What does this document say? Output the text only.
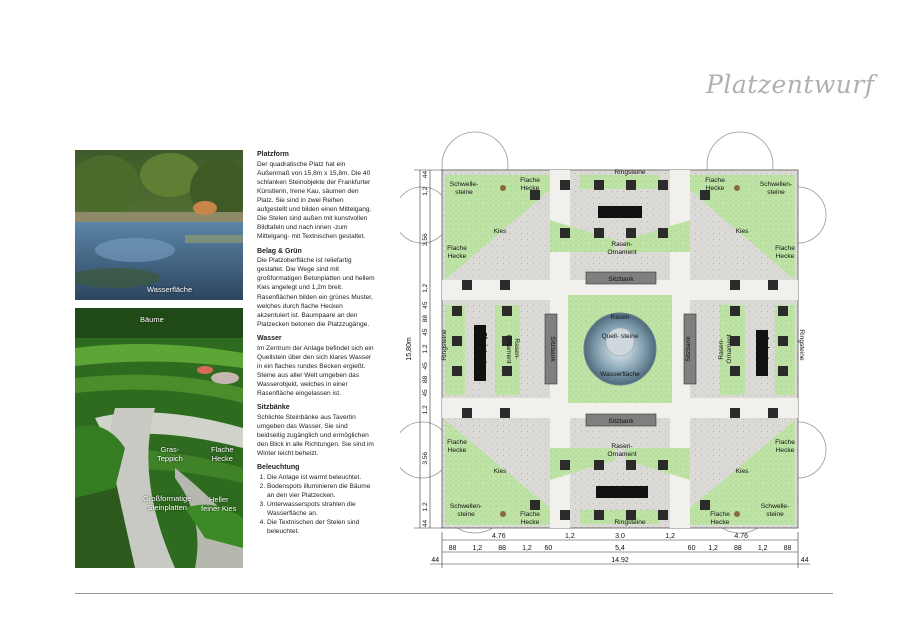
Platzentwurf
Wasserfläche
Bäume
Gras-
Teppich
Flache
Hecke
Großformatige
Steinplatten
Heller
feiner Kies
Platzform

Der quadratische Platz hat ein Außenmaß von 15,8m x 15,8m. Die 40 schlanken Steinobjekte der Frankfurter Künstlerin, Irene Kau, säumen den Platz. Sie sind in zwei Reihen aufgestellt und bilden einen Mittelgang. Die Stelen sind außen mit kunstvollen Bildtafeln und nach innen -zum Mittelgang- mit Textnischen gestaltet.

Belag & Grün

Die Platzoberfläche ist reliefartig gestaltet. Die Wege sind mit großformatigen Betonplatten und hellem Kies angelegt und 1,2m breit. Rasenflächen bilden ein grünes Muster, welches durch flache Hecken akzentuiert ist. Baumpaare an den Platzecken betonen die Platzzugänge.

Wasser

Im Zentrum der Anlage befindet sich ein Quellstein über den sich klares Wasser in ein flaches rundes Becken ergießt. Steine aus aller Welt umgeben das Wasserobjekt, welches in einer Rasenfläche eingelassen ist.

Sitzbänke

Schlichte Steinbänke aus Tavertin umgeben das Wasser. Sie sind beidseitig zugänglich und ermöglichen den Blick in alle Richtungen. Sie sind im Winter leicht beheizt.

Beleuchtung
1. Die Anlage ist warmt beleuchtet.
2. Bodenspots illuminieren die Bäume an den vier Platzecken.
3. Unterwasserspots strahlen die Wasserfläche an.
4. Die Textnischen der Stelen sind beleuchtet.
Islam
Buddismus
Christentum	Judentum
Ringsteine
Ringsteine
Ringsteine	Ringsteine
Rasen
Wasserfläche
Quell- steine
Sitzbank
Sitzbank
Sitzbank	Sitzbank
Kies	Kies
Kies	Kies
Flache Hecke
Flache Hecke
Flache Hecke
Flache Hecke
Flache Hecke
Flache Hecke
Flache Hecke
Flache Hecke
Schwelle-steine
Schwellen-steine
Schwellen-steine
Schwelle-steine
Rasen-Ornament
Rasen-Ornament
Rasen-Ornament	Rasen-Ornament
44
1,2
3.56
1,2
45
88
45
1.2
45
88
45
1.2
3.56
1.2
44
15,80m
4.76	1,2	3.0	1,2	4.76
88 1,2 88 1,2 60	5,4	60 1,2 88 1,2 88
44	14.92	44
